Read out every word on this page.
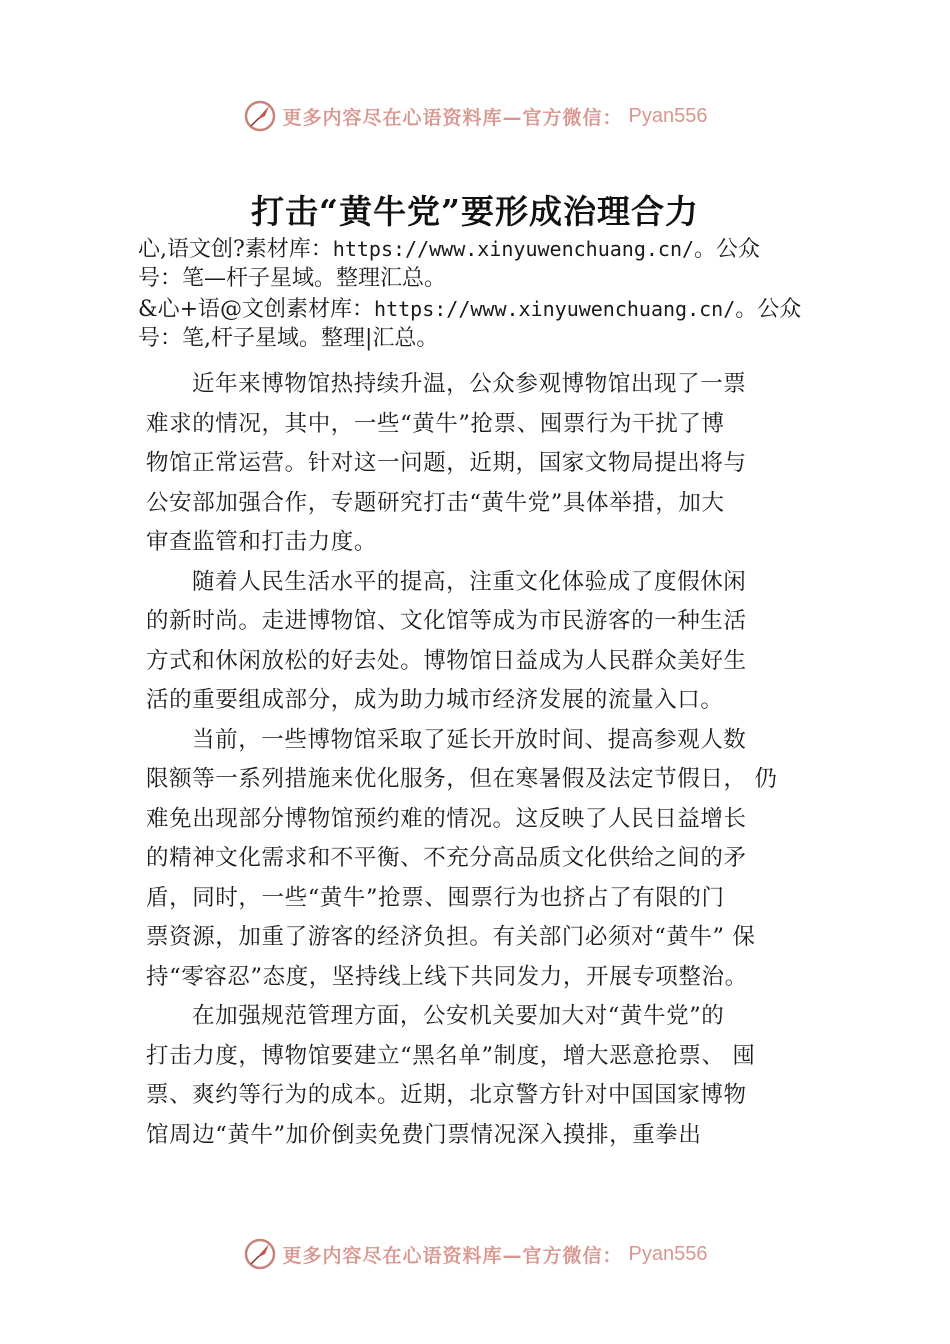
更多内容尽在心语资料库—官方微信： Pyan556
打击“黄牛党”要形成治理合力
心,语文创?素材库：https://www.xinyuwenchuang.cn/。公众
号：笔—杆子星域。整理汇总。
&心+语@文创素材库：https://www.xinyuwenchuang.cn/。公众
号：笔,杆子星域。整理|汇总。
近年来博物馆热持续升温，公众参观博物馆出现了一票
难求的情况，其中，一些“黄牛”抢票、囤票行为干扰了博
物馆正常运营。针对这一问题，近期，国家文物局提出将与
公安部加强合作，专题研究打击“黄牛党”具体举措，加大
审查监管和打击力度。
随着人民生活水平的提高，注重文化体验成了度假休闲
的新时尚。走进博物馆、文化馆等成为市民游客的一种生活
方式和休闲放松的好去处。博物馆日益成为人民群众美好生
活的重要组成部分，成为助力城市经济发展的流量入口。
当前，一些博物馆采取了延长开放时间、提高参观人数
限额等一系列措施来优化服务，但在寒暑假及法定节假日， 仍
难免出现部分博物馆预约难的情况。这反映了人民日益增长
的精神文化需求和不平衡、不充分高品质文化供给之间的矛
盾，同时，一些“黄牛”抢票、囤票行为也挤占了有限的门
票资源，加重了游客的经济负担。有关部门必须对“黄牛” 保
持“零容忍”态度，坚持线上线下共同发力，开展专项整治。
在加强规范管理方面，公安机关要加大对“黄牛党”的
打击力度，博物馆要建立“黑名单”制度，增大恶意抢票、 囤
票、爽约等行为的成本。近期，北京警方针对中国国家博物
馆周边“黄牛”加价倒卖免费门票情况深入摸排，重拳出
更多内容尽在心语资料库—官方微信： Pyan556
